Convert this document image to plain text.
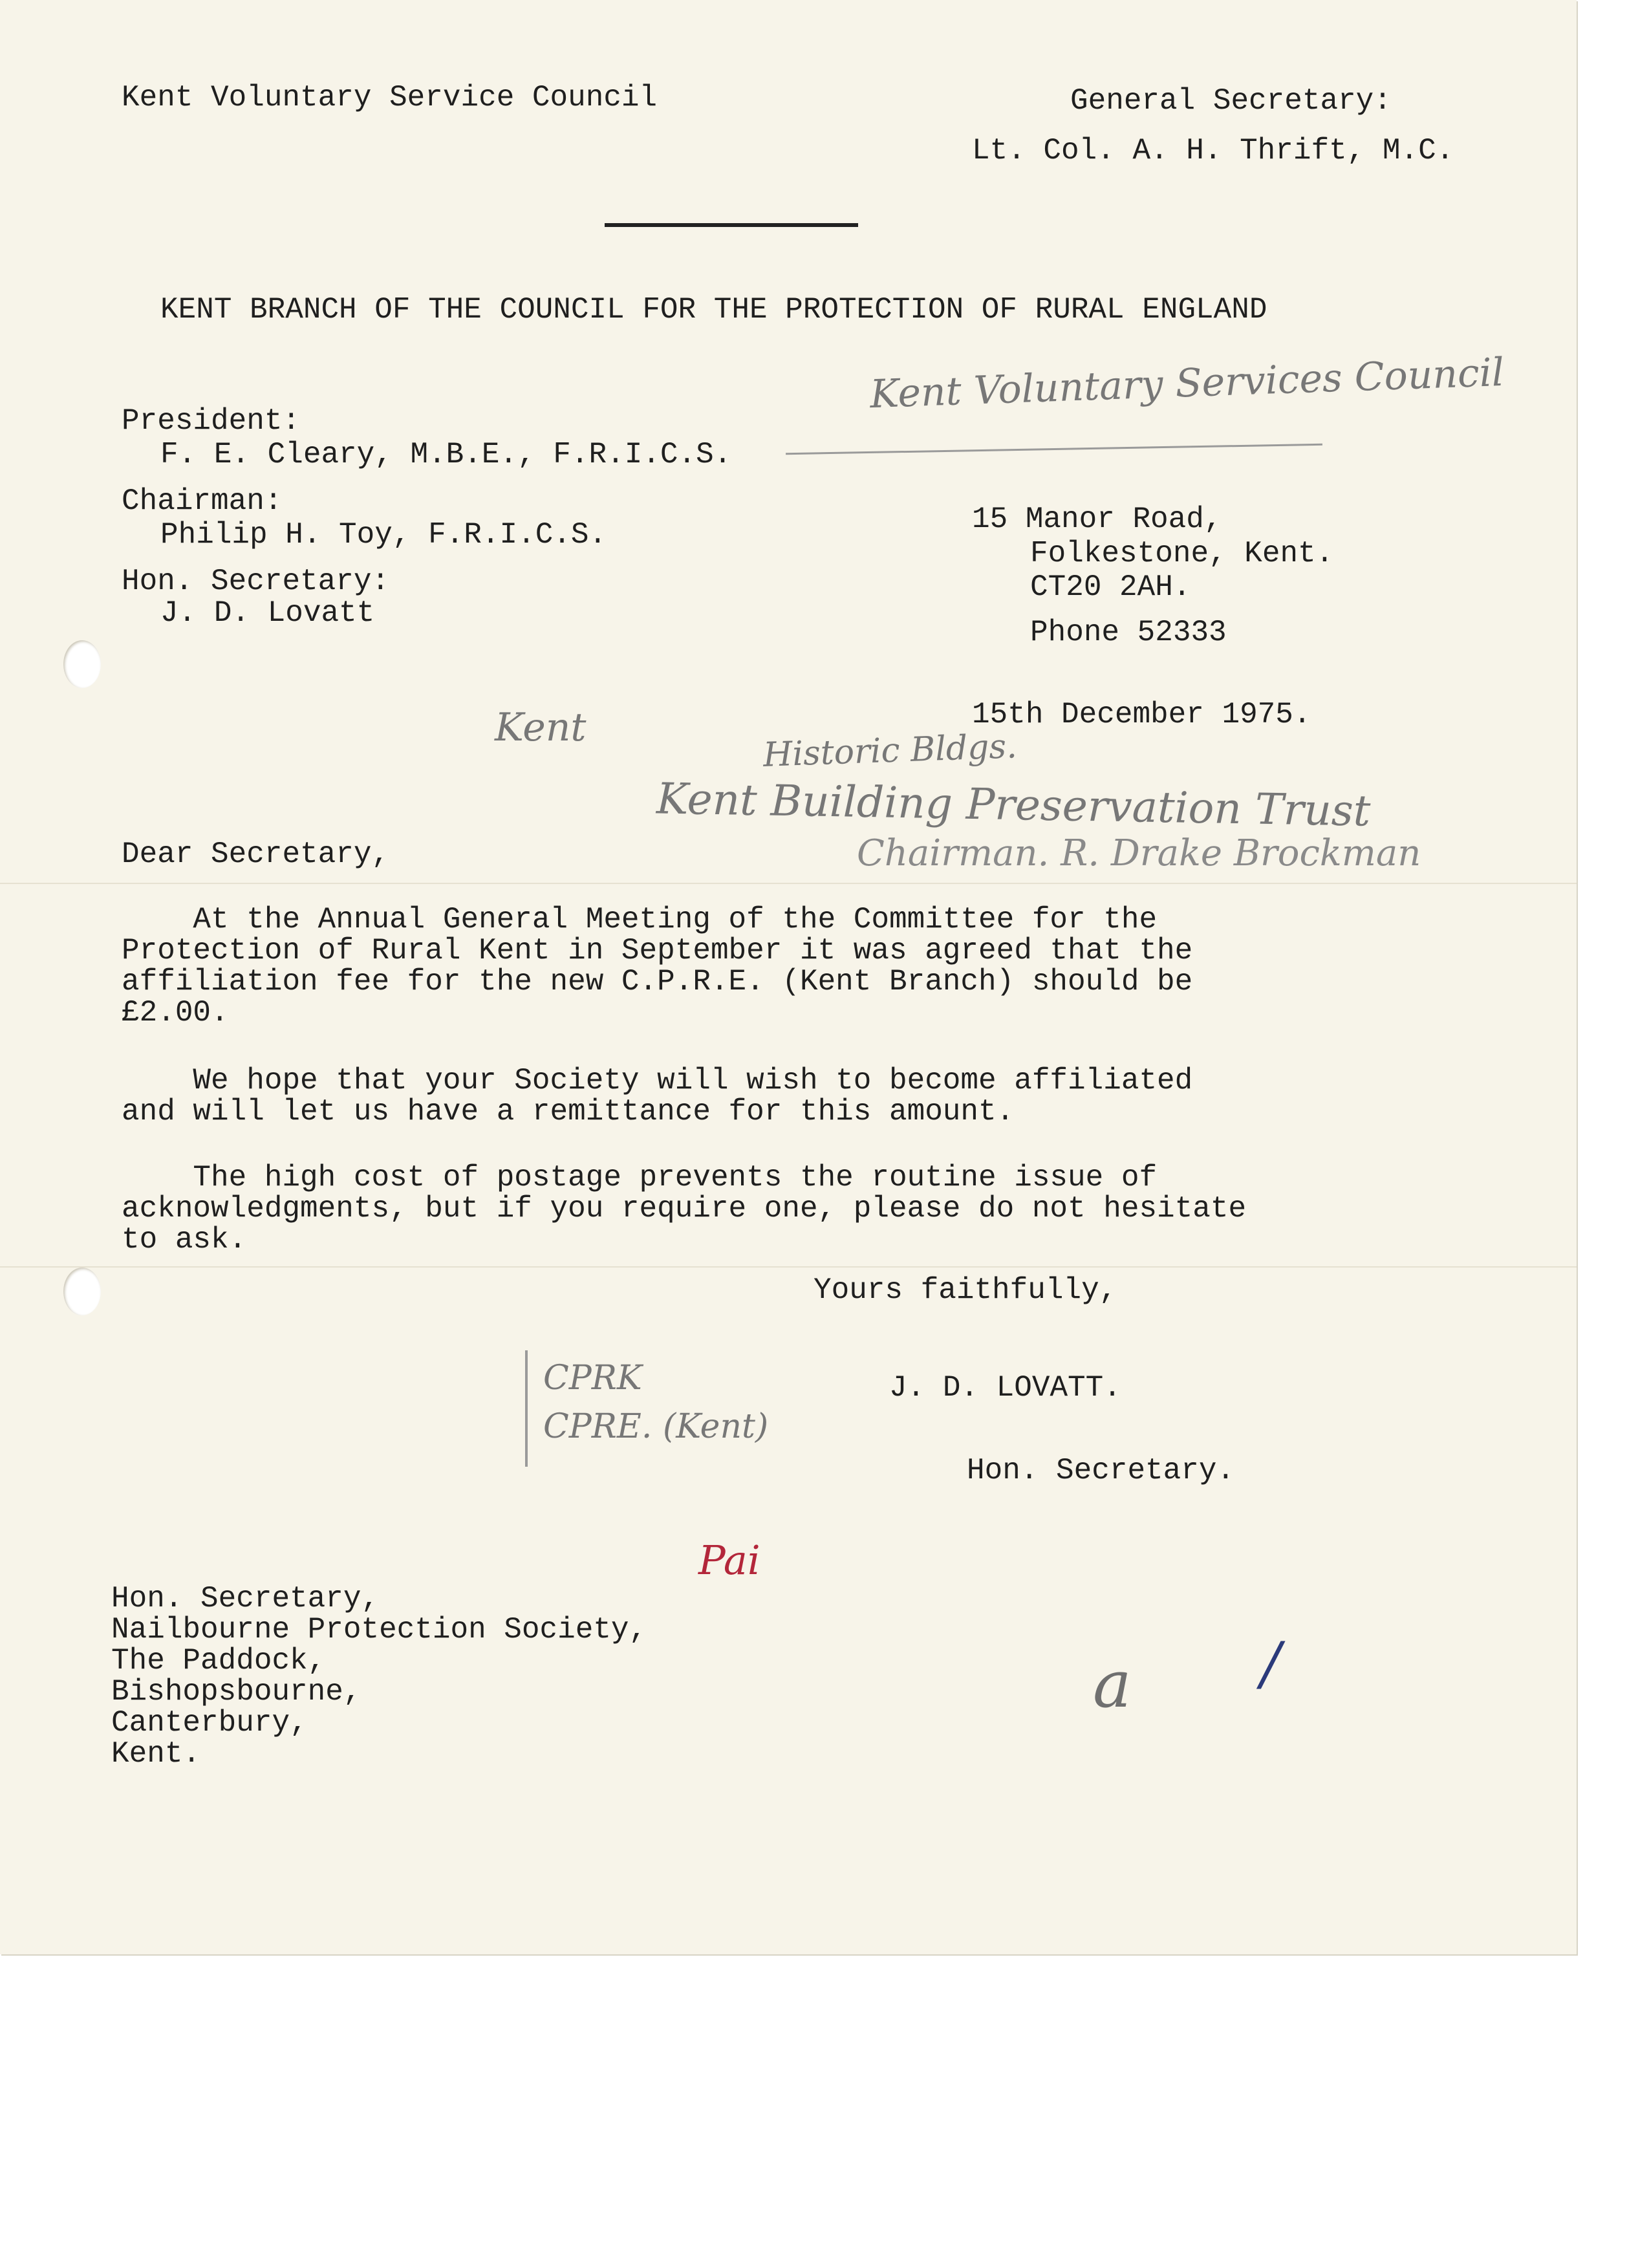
Kent Voluntary Service Council	General Secretary:
Lt. Col. A. H. Thrift, M.C.
KENT BRANCH OF THE COUNCIL FOR THE PROTECTION OF RURAL ENGLAND
President:
F. E. Cleary, M.B.E., F.R.I.C.S.
Chairman:
Philip H. Toy, F.R.I.C.S.
Hon. Secretary:
J. D. Lovatt
15 Manor Road,
Folkestone, Kent.
CT20 2AH.
Phone 52333
15th December 1975.
Dear Secretary,
At the Annual General Meeting of the Committee for the
Protection of Rural Kent in September it was agreed that the
affiliation fee for the new C.P.R.E. (Kent Branch) should be
£2.00.
We hope that your Society will wish to become affiliated
and will let us have a remittance for this amount.
The high cost of postage prevents the routine issue of
acknowledgments, but if you require one, please do not hesitate
to ask.
Yours faithfully,
J. D. LOVATT.
Hon. Secretary.
Hon. Secretary,
Nailbourne Protection Society,
The Paddock,
Bishopsbourne,
Canterbury,
Kent.
Kent Voluntary Services Council
Kent	Historic Bldgs.
Kent Building Preservation Trust
Chairman. R. Drake Brockman
CPRK
CPRE. (Kent)
Pai
a /
